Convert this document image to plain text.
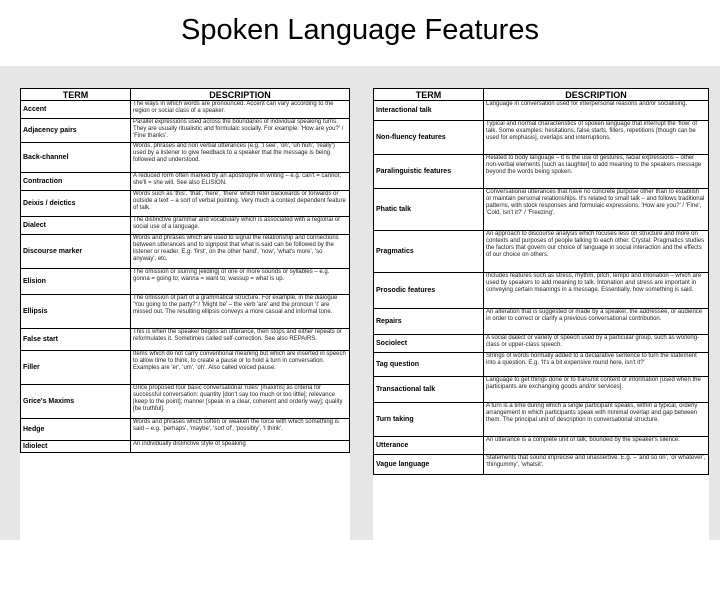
Spoken Language Features
TERM	DESCRIPTION
Accent	The ways in which words are pronounced. Accent can vary according to the region or social class of a speaker.
Adjacency pairs	Parallel expressions used across the boundaries of individual speaking turns. They are usually ritualistic and formulaic socially. For example: 'How are you?' / 'Fine thanks'.
Back-channel	Words, phrases and non verbal utterances (e.g. 'I see', 'oh', 'uh huh', 'really') used by a listener to give feedback to a speaker that the message is being followed and understood.
Contraction	A reduced form often marked by an apostrophe in writing – e.g. can't = cannot; she'll = she will. See also ELISION.
Deixis / deictics	Words such as 'this', 'that', 'here', 'there' which refer backwards or forwards or outside a text – a sort of verbal pointing. Very much a context dependent feature of talk.
Dialect	The distinctive grammar and vocabulary which is associated with a regional or social use of a language.
Discourse marker	Words and phrases which are used to signal the relationship and connections between utterances and to signpost that what is said can be followed by the listener or reader. E.g. 'first', on the other hand', 'now', 'what's more', 'so anyway', etc.
Elision	The omission or slurring [eliding] of one or more sounds or syllables – e.g. gonna = going to; wanna = want to; wassup = what is up.
Ellipsis	The omission of part of a grammatical structure. For example, in the dialogue 'You going to the party?' / 'Might be' – the verb 'are' and the pronoun 'I' are missed out. The resulting ellipsis conveys a more casual and informal tone.
False start	This is when the speaker begins an utterance, then stops and either repeats or reformulates it. Sometimes called self-correction. See also REPAIRS.
Filler	Items which do not carry conventional meaning but which are inserted in speech to allow time to think, to create a pause or to hold a turn in conversation. Examples are 'er', 'um', 'oh'. Also called voiced pause.
Grice's Maxims	Grice proposed four basic conversational 'rules' [maxims] as criteria for successful conversation: quantity [don't say too much or too little]; relevance [keep to the point]; manner [speak in a clear, coherent and orderly way]; quality [be truthful].
Hedge	Words and phrases which soften or weaken the force with which something is said – e.g. 'perhaps', 'maybe', 'sort of', 'possibly', 'I think'.
Idiolect	An individually distinctive style of speaking
TERM	DESCRIPTION
Interactional talk	Language in conversation used for interpersonal reasons and/or socialising.
Non-fluency features	Typical and normal characteristics of spoken language that interrupt the 'flow' of talk. Some examples: hesitations, false starts, fillers, repetitions [though can be used for emphasis], overlaps and interruptions.
Paralinguistic features	Related to body language – it is the use of gestures, facial expressions – other non-verbal elements [such as laughter] to add meaning to the speakers message beyond the words being spoken.
Phatic talk	Conversational utterances that have no concrete purpose other than to establish or maintain personal relationships. It's related to small talk – and follows traditional patterns, with stock responses and formulaic expressions. 'How are you?' / 'Fine', 'Cold, isn't it?' / 'Freezing'.
Pragmatics	An approach to discourse analysis which focuses less on structure and more on contexts and purposes of people talking to each other. Crystal: Pragmatics studies the factors that govern our choice of language in social interaction and the effects of our choice on others.
Prosodic features	Includes features such as stress, rhythm, pitch, tempo and intonation – which are used by speakers to add meaning to talk. Intonation and stress are important in conveying certain meanings in a message. Essentially, how something is said.
Repairs	An alteration that is suggested or made by a speaker, the addressee, or audience in order to correct or clarify a previous conversational contribution.
Sociolect	A social dialect or variety of speech used by a particular group, such as working-class or upper-class speech.
Tag question	Strings of words normally added to a declarative sentence to turn the statement into a question. E.g. 'It's a bit expensive round here, isn't it?'
Transactional talk	Language to get things done or to transmit content or information [used when the participants are exchanging goods and/or services].
Turn taking	A turn is a time during which a single participant speaks, within a typical, orderly arrangement in which participants speak with minimal overlap and gap between them. The principal unit of description in conversational structure.
Utterance	An utterance is a complete unit of talk, bounded by the speaker's silence.
Vague language	Statements that sound imprecise and unassertive. E.g. – 'and so on', 'or whatever', 'thingummy', 'whatsit'.
